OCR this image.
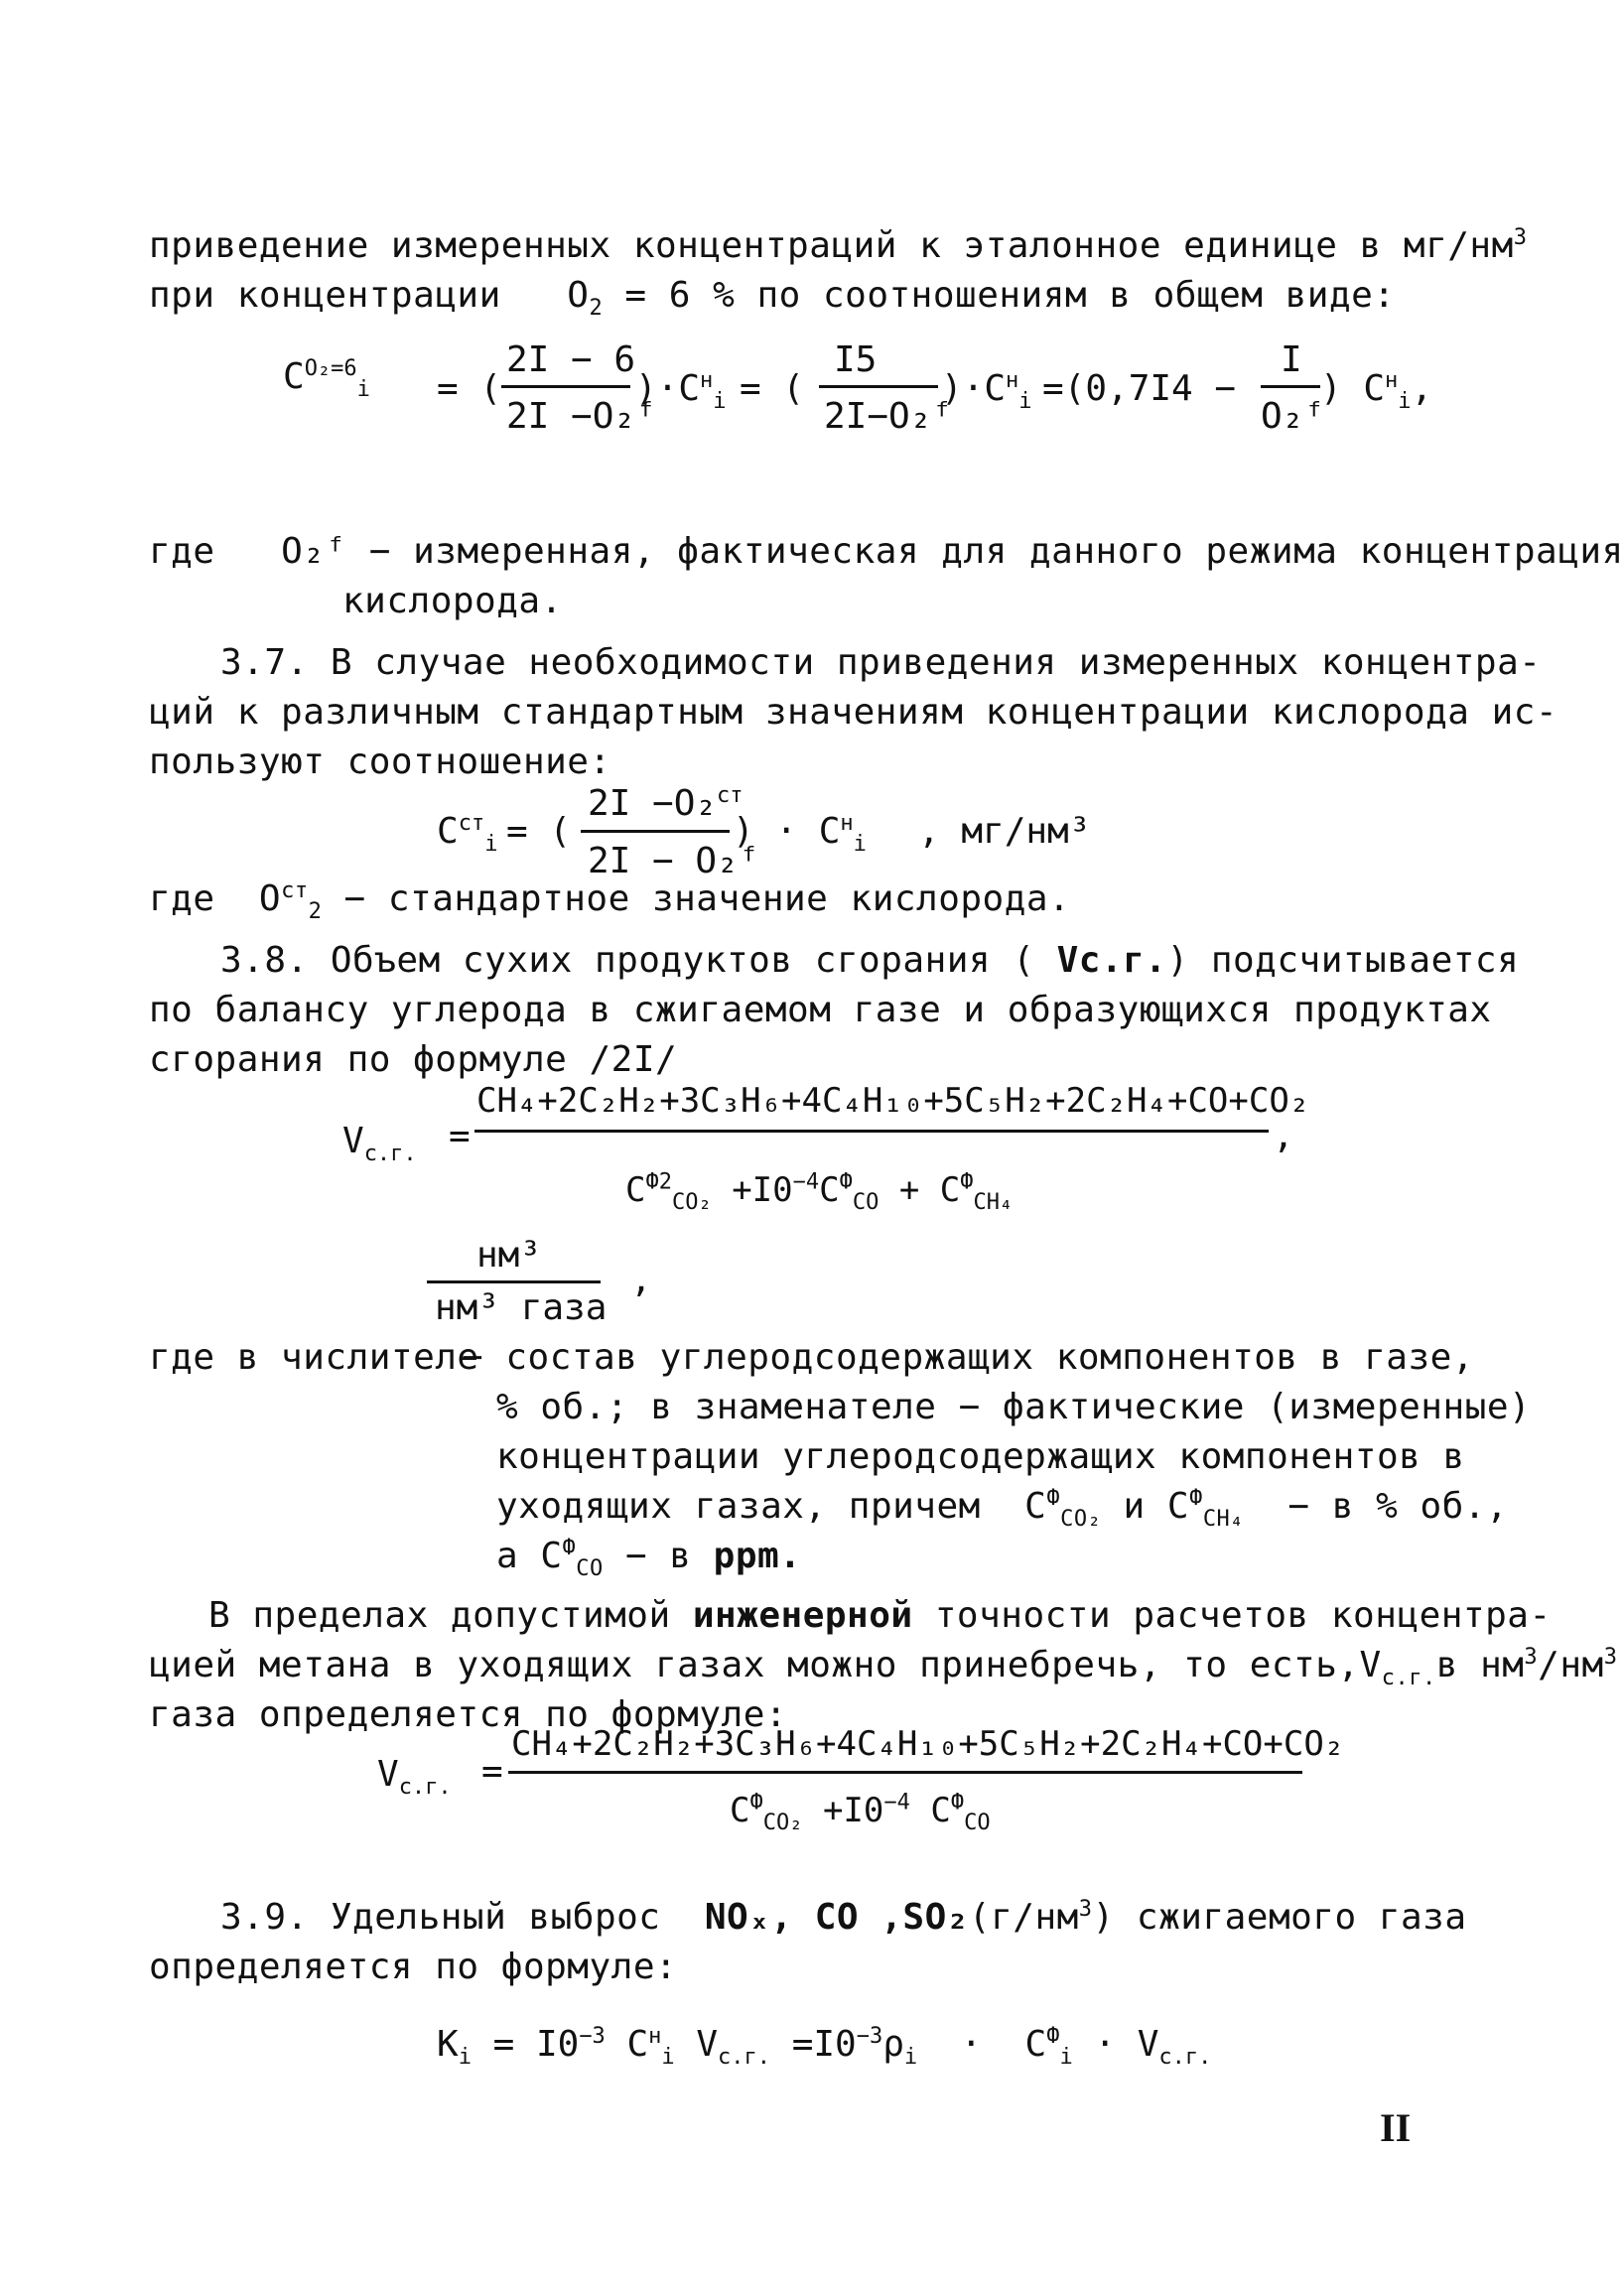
приведение измеренных концентраций к эталонное единице в $мг/нм^3$
при концентрации   $O_2 = 6$ % по соотношениям в общем виде:
$C^{O_2=6}_i$ = (
2I − 6
2I −O₂ᶠ
)$\cdot C^н_i$ = (
I5
2I−O₂ᶠ
)$\cdot C^н_i =(0,7I4$ −
I
O₂ᶠ
) $C^н_i$,
где O₂ᶠ − измеренная, фактическая для данного режима концентрация
кислорода.
3.7. В случае необходимости приведения измеренных концентра-
ций к различным стандартным значениям концентрации кислорода ис-
пользуют соотношение:
$C^{ст}_i$ = (
2I −O₂$^{ст}$
2I − O₂ᶠ
) · $C^н_i$ , мг/нм³
где $O^{ст}_2$ − стандартное значение кислорода.
3.8. Объем сухих продуктов сгорания ( Vс.г.) подсчитывается
по балансу углерода в сжигаемом газе и образующихся продуктах
сгорания по формуле /2I/
$V_{с.г.}$ =
CH₄+2C₂H₂+3C₃H₆+4C₄H₁₀+5C₅H₂+2C₂H₄+CO+CO₂
,
$C^{Ф2}_{CO_2} +I0^{-4}C^Ф_{CO} + C^Ф_{CH_4}$
нм³
нм³ газа
,
где в числителе
− состав углеродсодержащих компонентов в газе,
% об.; в знаменателе − фактические (измеренные)
концентрации углеродсодержащих компонентов в
уходящих газах, причем  $C^Ф_{CO_2}$ и $C^Ф_{CH_4} - в$ % об.,
а $C^Ф_{CO} - в$ ppm.
В пределах допустимой инженерной точности расчетов концентра-
цией метана в уходящих газах можно принебречь, то $есть,V_{с.г.}в$ $нм^3/нм^3$
газа определяется по формуле:
$V_{с.г.}$ =
CH₄+2C₂H₂+3C₃H₆+4C₄H₁₀+5C₅H₂+2C₂H₄+CO+CO₂
$C^Ф_{CO_2} +I0^{-4}$ $C^Ф_{CO}$
3.9. Удельный выброс  NOₓ, CO $,SO_2(г/нм^3)$ сжигаемого газа
определяется по формуле:
$K_i = I0^{-3}$ $C^н_i$ $V_{с.г.} =I0^{-3}\rho_i \cdot C^Ф_i \cdot V_{с.г.}$
II
